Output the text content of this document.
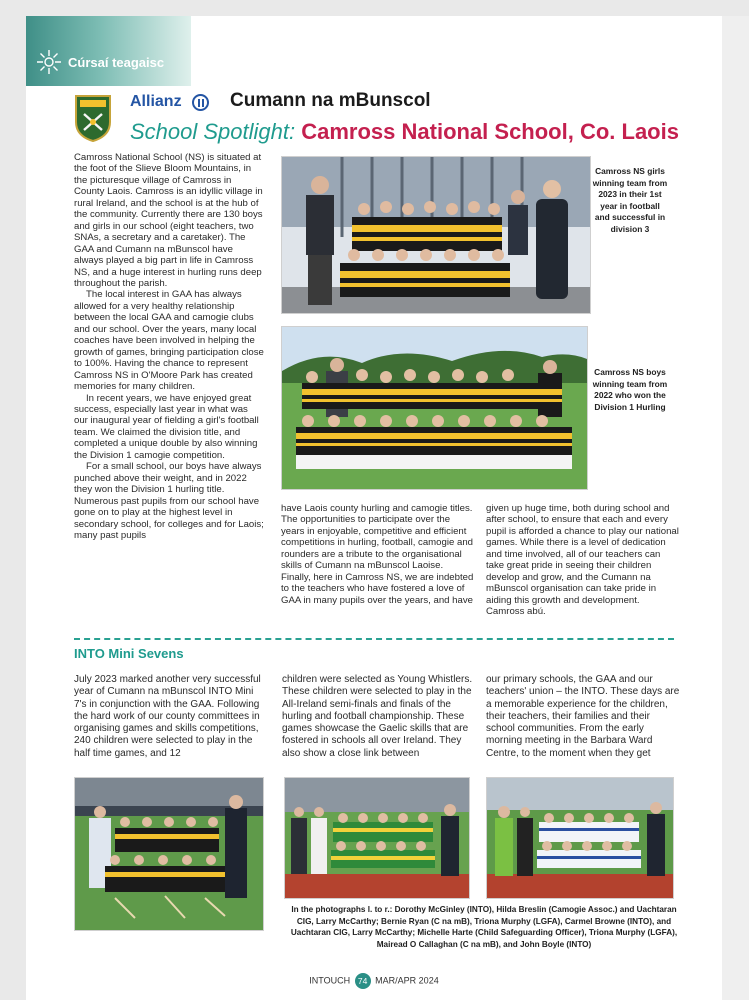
Cúrsaí teagaisc
Allianz	Cumann na mBunscol
School Spotlight: Camross National School, Co. Laois

Camross National School (NS) is situated at the foot of the Slieve Bloom Mountains, in the picturesque village of Camross in County Laois. Camross is an idyllic village in rural Ireland, and the school is at the hub of the community. Currently there are 130 boys and girls in our school (eight teachers, two SNAs, a secretary and a caretaker). The GAA and Cumann na mBunscol have always played a big part in life in Camross NS, and a huge interest in hurling runs deep throughout the parish.

The local interest in GAA has always allowed for a very healthy relationship between the local GAA and camogie clubs and our school. Over the years, many local coaches have been involved in helping the growth of games, bringing participation close to 100%. Having the chance to represent Camross NS in O'Moore Park has created memories for many children.

In recent years, we have enjoyed great success, especially last year in what was our inaugural year of fielding a girl's football team. We claimed the division title, and completed a unique double by also winning the Division 1 camogie competition.

For a small school, our boys have always punched above their weight, and in 2022 they won the Division 1 hurling title. Numerous past pupils from our school have gone on to play at the highest level in secondary school, for colleges and for Laois; many past pupils

Camross NS girls winning team from 2023 in their 1st year in football and successful in division 3
Camross NS boys winning team from 2022 who won the Division 1 Hurling

have Laois county hurling and camogie titles. The opportunities to participate over the years in enjoyable, competitive and efficient competitions in hurling, football, camogie and rounders are a tribute to the organisational skills of Cumann na mBunscol Laoise. Finally, here in Camross NS, we are indebted to the teachers who have fostered a love of GAA in many pupils over the years, and have

given up huge time, both during school and after school, to ensure that each and every pupil is afforded a chance to play our national games. While there is a level of dedication and time involved, all of our teachers can take great pride in seeing their children develop and grow, and the Cumann na mBunscol organisation can take pride in aiding this growth and development. Camross abú.

INTO Mini Sevens

July 2023 marked another very successful year of Cumann na mBunscol INTO Mini 7's in conjunction with the GAA. Following the hard work of our county committees in organising games and skills competitions, 240 children were selected to play in the half time games, and 12

children were selected as Young Whistlers. These children were selected to play in the All-Ireland semi-finals and finals of the hurling and football championship. These games showcase the Gaelic skills that are fostered in schools all over Ireland. They also show a close link between

our primary schools, the GAA and our teachers' union – the INTO. These days are a memorable experience for the children, their teachers, their families and their school communities. From the early morning meeting in the Barbara Ward Centre, to the moment when they get

In the photographs l. to r.: Dorothy McGinley (INTO), Hilda Breslin (Camogie Assoc.) and Uachtaran CIG, Larry McCarthy; Bernie Ryan (C na mB), Triona Murphy (LGFA), Carmel Browne (INTO), and Uachtaran CIG, Larry McCarthy; Michelle Harte (Child Safeguarding Officer), Triona Murphy (LGFA), Mairead O Callaghan (C na mB), and John Boyle (INTO)
INTOUCH 74 MAR/APR 2024
